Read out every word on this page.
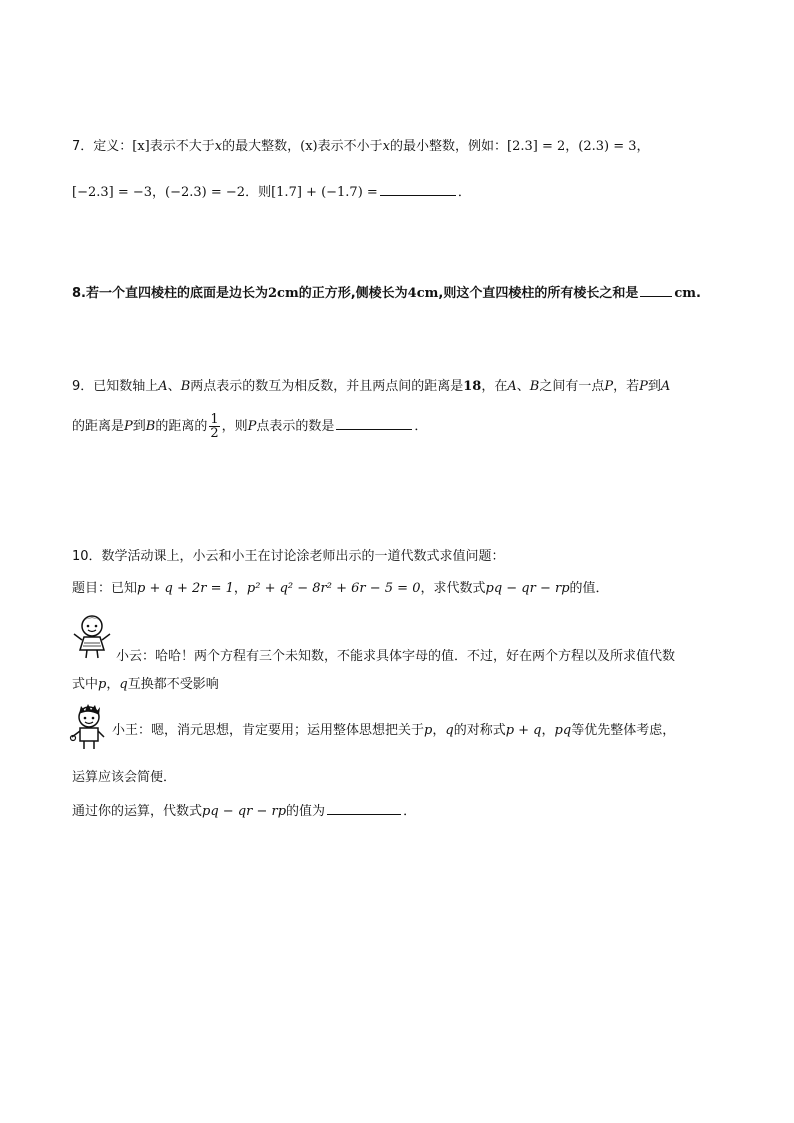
7．定义：[x]表示不大于x的最大整数，(x)表示不小于x的最小整数，例如：[2.3] = 2，(2.3) = 3，
[−2.3] = −3，(−2.3) = −2．则[1.7] + (−1.7) =	．
8.若一个直四棱柱的底面是边长为2cm的正方形,侧棱长为4cm,则这个直四棱柱的所有棱长之和是	cm.
9．已知数轴上A、B两点表示的数互为相反数，并且两点间的距离是18，在A、B之间有一点P，若P到A
的距离是P到B的距离的 $\frac{1}{2}$ ，则P点表示的数是	．
10．数学活动课上，小云和小王在讨论涂老师出示的一道代数式求值问题：
题目：已知p + q + 2r = 1，p² + q² − 8r² + 6r − 5 = 0，求代数式pq − qr − rp的值．
小云：哈哈！两个方程有三个未知数，不能求具体字母的值．不过，好在两个方程以及所求值代数
式中p，q互换都不受影响
小王：嗯，消元思想，肯定要用；运用整体思想把关于p，q的对称式p + q，pq等优先整体考虑，
运算应该会简便．
通过你的运算，代数式pq − qr − rp的值为	．
